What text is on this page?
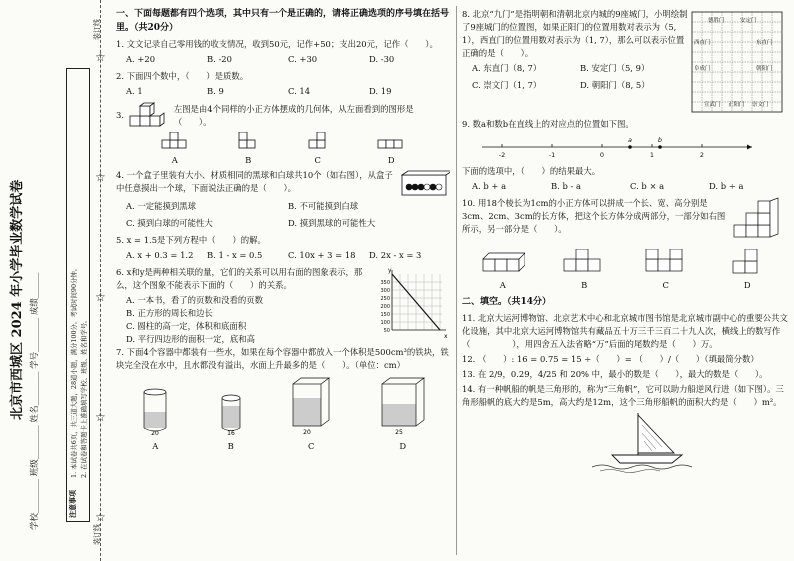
装订线
装订线
☆
☆
☆
☆
☆
北京市西城区 2024 年小学毕业数学试卷
学校________ 班级________ 姓名________ 学号________ 成绩______
注意事项
1. 本试卷共6页，共三道大题，28道小题，满分100分。考试时间90分钟。 2. 在试卷和答题卡上准确填写学校、班级、姓名和学号。
一、下面每题都有四个选项，其中只有一个是正确的，请将正确选项的序号填在括号里。（共20分）
1. 文文记录自己零用钱的收支情况，收到50元，记作+50；支出20元，记作（　　）。
A. +20	B. -20	C. +30	D. -30
2. 下面四个数中，（　　）是质数。
A. 1	B. 9	C. 14	D. 19
3.
左图是由4个同样的小正方体摆成的几何体，从左面看到的图形是（　　）。
A	B	C	D
4. 一个盒子里装有大小、材质相同的黑球和白球共10个（如右图），从盒子中任意摸出一个球，下面说法正确的是（　　）。
A. 一定能摸到黑球	B. 不可能摸到白球
C. 摸到白球的可能性大	D. 摸到黑球的可能性大
5. x = 1.5是下列方程中（　　）的解。
A. x + 0.3 = 1.2	B. 1 - x = 0.5	C. 10x + 3 = 18	D. 2x - x = 3
6. x和y是两种相关联的量，它们的关系可以用右面的图象表示，那么，这个图象不能表示下面的（　　）的关系。
A. 一本书，看了的页数和没看的页数
B. 正方形的周长和边长
C. 圆柱的高一定，体积和底面积
D. 平行四边形的面积一定，底和高
350
300
250
200
150
100
50
y
x
7. 下面4个容器中都装有一些水，如果在每个容器中都放入一个体积是500cm³的铁块，铁块完全没在水中，且水都没有溢出，水面上升最多的是（　　）。（单位：cm）
20
A
16
B
20
C
25
D
8. 北京“九门”是指明朝和清朝北京内城的9座城门，小明绘制了9座城门的位置图，如果正阳门的位置用数对表示为（5, 1），西直门的位置用数对表示为（1, 7），那么可以表示位置正确的是（　　）。
A. 东直门（8, 7）	B. 安定门（5, 9）
C. 崇文门（1, 7）	D. 朝阳门（8, 5）
德胜门	安定门
西直门	东直门
阜成门	朝阳门
宣武门 正阳门 崇文门
9. 数a和数b在直线上的对应点的位置如下图。
-2	-1	0	1	2
a	b
下面的选项中，（　　）的结果最大。
A. b + a	B. b - a	C. b × a	D. b ÷ a
10. 用18个棱长为1cm的小正方体可以拼成一个长、宽、高分别是3cm、2cm、3cm的长方体，把这个长方体分成两部分，一部分如右图所示，另一部分是（　　）。
A	B	C	D
二、填空。（共14分）
11. 北京大运河博物馆、北京艺术中心和北京城市图书馆是北京城市副中心的重要公共文化设施，其中北京大运河博物馆共有藏品五十万三千三百二十九人次，横线上的数写作（　　　　　），用四舍五入法省略“万”后面的尾数约是（　　）万。
12. （　　）: 16 = 0.75 = 15 ÷（　　）= （　　）/（　　）（填最简分数）
13. 在 2/9，0.29，4/25 和 20% 中，最小的数是（　　），最大的数是（　　）。
14. 有一种帆船的帆是三角形的，称为“三角帆”，它可以助力船逆风行进（如下图）。三角形船帆的底大约是5m，高大约是12m，这个三角形船帆的面积大约是（　　）m²。
